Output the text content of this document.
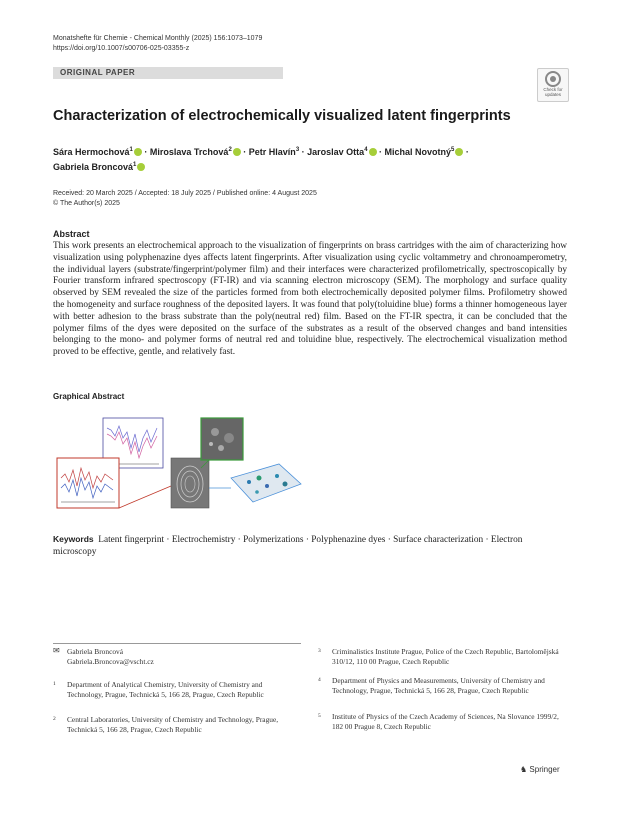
Monatshefte für Chemie - Chemical Monthly (2025) 156:1073–1079
https://doi.org/10.1007/s00706-025-03355-z
ORIGINAL PAPER
Check for updates
Characterization of electrochemically visualized latent fingerprints
Sára Hermochová$^1$ · Miroslava Trchová$^2$ · Petr Hlavín$^3$ · Jaroslav Otta$^4$ · Michal Novotný$^5$ ·
Gabriela Broncová$^1$
Received: 20 March 2025 / Accepted: 18 July 2025 / Published online: 4 August 2025
© The Author(s) 2025
Abstract
This work presents an electrochemical approach to the visualization of fingerprints on brass cartridges with the aim of characterizing how visualization using polyphenazine dyes affects latent fingerprints. After visualization using cyclic voltammetry and chronoamperometry, the individual layers (substrate/fingerprint/polymer film) and their interfaces were characterized profilometrically, spectroscopically by Fourier transform infrared spectroscopy (FT-IR) and via scanning electron microscopy (SEM). The morphology and surface quality observed by SEM revealed the size of the particles formed from both electrochemically deposited polymer films. Profilometry showed the homogeneity and surface roughness of the deposited layers. It was found that poly(toluidine blue) forms a thinner homogeneous layer with better adhesion to the brass substrate than the poly(neutral red) film. Based on the FT-IR spectra, it can be concluded that the polymer films of the dyes were deposited on the surface of the substrates as a result of the observed changes and band intensities belonging to the mono- and polymer forms of neutral red and toluidine blue, respectively. The electrochemical visualization method proved to be effective, gentle, and relatively fast.
Graphical Abstract
Keywords Latent fingerprint · Electrochemistry · Polymerizations · Polyphenazine dyes · Surface characterization · Electron microscopy
✉ Gabriela Broncová
Gabriela.Broncova@vscht.cz
1 Department of Analytical Chemistry, University of Chemistry and Technology, Prague, Technická 5, 166 28, Prague, Czech Republic
2 Central Laboratories, University of Chemistry and Technology, Prague, Technická 5, 166 28, Prague, Czech Republic
3 Criminalistics Institute Prague, Police of the Czech Republic, Bartoloměјská 310/12, 110 00 Prague, Czech Republic
4 Department of Physics and Measurements, University of Chemistry and Technology, Prague, Technická 5, 166 28, Prague, Czech Republic
5 Institute of Physics of the Czech Academy of Sciences, Na Slovance 1999/2, 182 00 Prague 8, Czech Republic
♞ Springer
